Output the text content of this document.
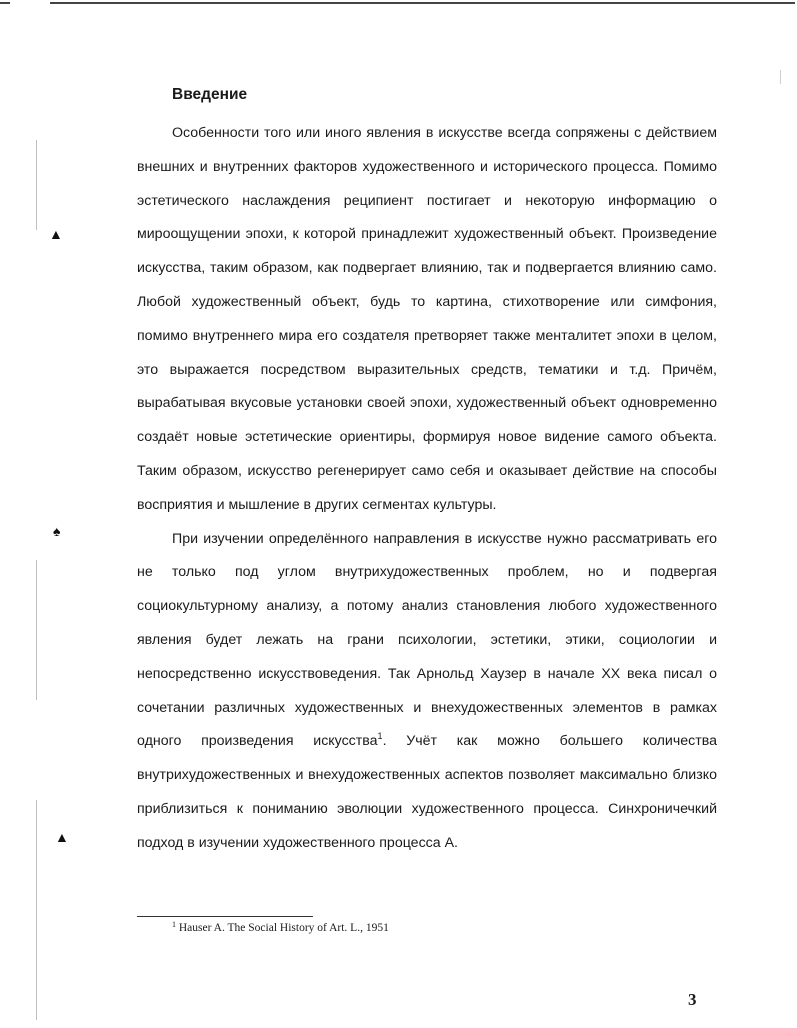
▲
♠
▲
Введение

Особенности того или иного явления в искусстве всегда сопряжены с действием внешних и внутренних факторов художественного и исторического процесса. Помимо эстетического наслаждения реципиент постигает и некоторую информацию о мироощущении эпохи, к которой принадлежит художественный объект. Произведение искусства, таким образом, как подвергает влиянию, так и подвергается влиянию само. Любой художественный объект, будь то картина, стихотворение или симфония, помимо внутреннего мира его создателя претворяет также менталитет эпохи в целом, это выражается посредством выразительных средств, тематики и т.д. Причём, вырабатывая вкусовые установки своей эпохи, художественный объект одновременно создаёт новые эстетические ориентиры, формируя новое видение самого объекта. Таким образом, искусство регенерирует само себя и оказывает действие на способы восприятия и мышление в других сегментах культуры.

При изучении определённого направления в искусстве нужно рассматривать его не только под углом внутрихудожественных проблем, но и подвергая социокультурному анализу, а потому анализ становления любого художественного явления будет лежать на грани психологии, эстетики, этики, социологии и непосредственно искусствоведения. Так Арнольд Хаузер в начале XX века писал о сочетании различных художественных и внехудожественных элементов в рамках одного произведения искусства$^1$. Учёт как можно большего количества внутрихудожественных и внехудожественных аспектов позволяет максимально близко приблизиться к пониманию эволюции художественного процесса. Синхроничечкий подход в изучении художественного процесса А.

$^1$ Hauser A. The Social History of Art. L., 1951

3
